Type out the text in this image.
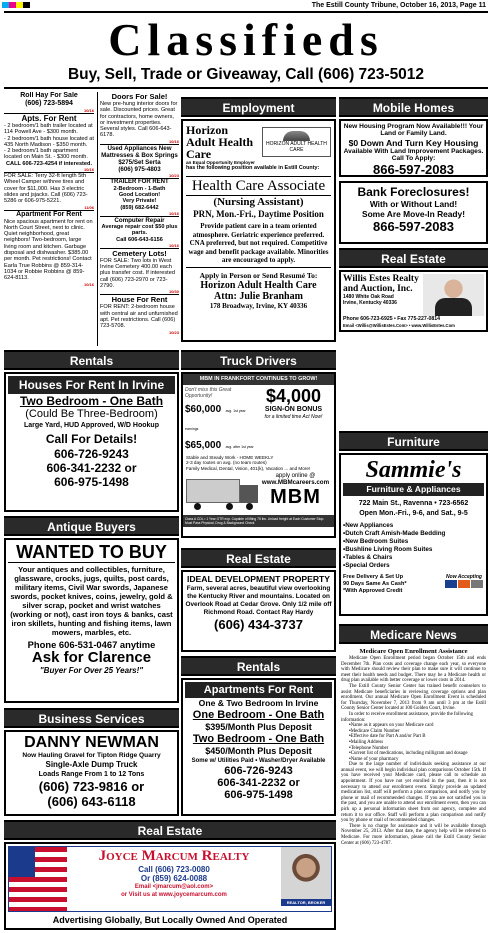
The Estill County Tribune, October 16, 2013, Page 11
Classifieds
Buy, Sell, Trade or Giveaway, Call (606) 723-5012
Roll Hay For Sale
(606) 723-5894
10/16
Apts. For Rent
- 2 bedroom/1 bath trailer located at 114 Powell Ave - $300 month.
- 2 bedroom/1 bath house located at 435 North Madison - $350 month.
- 2 bedroom/1 bath apartment located on Main St. - $300 month.
CALL 606-723-4254 if interested.
10/16
FOR SALE: Terry 32-ft length 5th Wheel Camper w/three tires and cover for $11,000. Has 3 electric slides and jsjacks. Call (606) 723-5286 or 606-975-5221.
11/06
Apartment For Rent
Nice spacious apartment for rent on North Court Street, next to clinic. Quiet neighborhood, great neighbors! Two-bedroom, large living room and kitchen. Garbage disposal and dishwasher. $385.00 per month. Pet restrictions! Contact Earla True Robbins @ 859-314-1034 or Robbie Robbins @ 859-624-8113.
10/16
Doors For Sale!
New pre-hung interior doors for sale. Discounted prices. Great for contractors, home owners, or investment properties. Several styles. Call 606-643-6178.
10/16
Used Appliances New Mattresses & Box Springs
$275/Set Serta
(606) 975-4803
10/23
TRAILER FOR RENT
2-Bedroom - 1-Bath
Good Location!
Very Private!
(859) 682-6442
10/16
Computer Repair
Average repair cost $50 plus parts.
Call 606-643-6156
10/16
Cemetery Lots!
FOR SALE: Two lots in West Irvine Cemetery 400.00 each plus transfer cost. If interested call (606) 723-2970 or 723-2790.
10/30
House For Rent
FOR RENT: 2-bedroom house with central air and unfurnished apt. Pet restrictions. Call (606) 723-5708.
10/23
Employment
Horizon Adult Health Care
HORIZON ADULT HEALTH CARE
an Equal Opportunity Employer
has the following position available in Estill County:
Health Care Associate
(Nursing Assistant)
PRN, Mon.-Fri., Daytime Position
Provide patient care in a team oriented atmosphere. Geriatric experience preferred. CNA preferred, but not required. Competitive wage and benefit package available. Minorities are encouraged to apply.
Apply in Person or Send Resumé To:
Horizon Adult Health Care
Attn: Julie Branham
178 Broadway, Irvine, KY 40336
Mobile Homes
New Housing Program Now Available!!! Your Land or Family Land.
$0 Down And Turn Key Housing
Available With Land Improvement Packages. Call To Apply:
866-597-2083
Bank Foreclosures!
With or Without Land!
Some Are Move-In Ready!
866-597-2083
Real Estate
Willis Estes Realty and Auction, Inc.
1480 White Oak Road
Irvine, Kentucky 40336
Phone 606-723-6925 • Fax 775-227-0814
Email <Willis@WillisEstes.Com> • www.WillisEstes.Com
Rentals
Houses For Rent In Irvine
Two Bedroom - One Bath
(Could Be Three-Bedroom)
Large Yard, HUD Approved, W/D Hookup
Call For Details!
606-726-9243
606-341-2232 or
606-975-1498
Truck Drivers
MBM IN FRANKFORT CONTINUES TO GROW!
Don't miss this Great Opportunity!
$60,000 avg. 1st year earnings
$65,000 avg. after 1st year
$4,000
SIGN-ON BONUS
for a limited time Act Now!
Stable and Steady Work - HOME WEEKLY
2-3 day routes on avg. (no team routes)
Family Medical, Dental, Vision, 401(k), Vacation ... and More!
apply online @
www.MBMcareers.com
MBM
Class A CDL • 1 Year OTR exp. Capable of lifting 75 lbs. Unload freight at Each Customer Stop. Must Pass Physical, Drug & Background Check
Furniture
Sammie's
Furniture & Appliances
722 Main St., Ravenna • 723-6562
Open Mon.-Fri., 9-6, and Sat., 9-5
• New Appliances
• Dutch Craft Amish-Made Bedding
• New Bedroom Suites
• Bushline Living Room Suites
• Tables & Chairs
• Special Orders
Free Delivery & Set Up
90 Days Same As Cash*
*With Approved Credit
Now Accepting
Antique Buyers
WANTED TO BUY
Your antiques and collectibles, furniture, glassware, crocks, jugs, quilts, post cards, military items, Civil War swords, Japanese swords, pocket knives, coins, jewelry, gold & silver scrap, pocket and wrist watches (working or not), cast iron toys & banks, cast iron skillets, hunting and fishing items, lawn mowers, marbles, etc.
Phone 606-531-0467 anytime
Ask for Clarence
"Buyer For Over 25 Years!"
Real Estate
IDEAL DEVELOPMENT PROPERTY
Farm, several acres, beautiful view overlooking the Kentucky River and mountains. Located on Overlook Road at Cedar Grove. Only 1/2 mile off Richmond Road. Contact Ray Hardy
(606) 434-3737
Medicare News
Medicare Open Enrollment Assistance
Medicare Open Enrollment period began October 15th and ends December 7th. Plan costs and coverage change each year, so everyone with Medicare should review their plan to make sure it will continue to meet their health needs and budget. There may be a Medicare health or drug plan available with better coverage or lower costs in 2014.
The Estill County Senior Center has trained benefit counselors to assist Medicare beneficiaries in reviewing coverage options and plan enrollment. Our annual Medicare Open Enrollment Event is scheduled for Thursday, November 7, 2013 from 9 am until 3 pm at the Estill County Senior Center located at 100 Golden Court, Irvine.
In order to receive enrollment assistance, provide the following information:
• Name as it appears on your Medicare card
• Medicare Claim Number
• Effective date for Part A and/or Part B
• Mailing Address
• Telephone Number
• Current list of medications, including milligram and dosage
• Name of your pharmacy
Due to the large number of individuals seeking assistance at our annual event, we will begin individual plan comparisons October 15th. If you have received your Medicare card, please call to schedule an appointment. If you have not yet enrolled in the past, then it is not necessary to attend our enrollment event. Simply provide an updated medication list, staff will perform a plan comparison, and notify you by phone or mail of recommended changes. If you are not satisfied you in the past, and you are unable to attend our enrollment event, then you can pick up a personal information sheet from our agency, complete and return it to our office. Staff will perform a plan comparison and notify you by phone or mail of recommended changes.
There is no charge for assistance and it will be available through November 25, 2013. After that date, the agency help will be referred to Medicare. For more information, please call the Estill County Senior Center at (606) 723-4787.
Business Services
DANNY NEWMAN
Now Hauling Gravel for Tipton Ridge Quarry
Single-Axle Dump Truck
Loads Range From 1 to 12 Tons
(606) 723-9816 or
(606) 643-6118
Rentals
Apartments For Rent
One & Two Bedroom In Irvine
One Bedroom - One Bath
$395/Month Plus Deposit
Two Bedroom - One Bath
$450/Month Plus Deposit
Some w/ Utilities Paid • Washer/Dryer Available
606-726-9243
606-341-2232 or
606-975-1498
Real Estate
Joyce Marcum Realty
Call (606) 723-0080
Or (859) 624-0088
Email <jmarcum@aol.com>
or Visit us at www.joycemarcum.com
REALTOR, BROKER
Advertising Globally, But Locally Owned And Operated
